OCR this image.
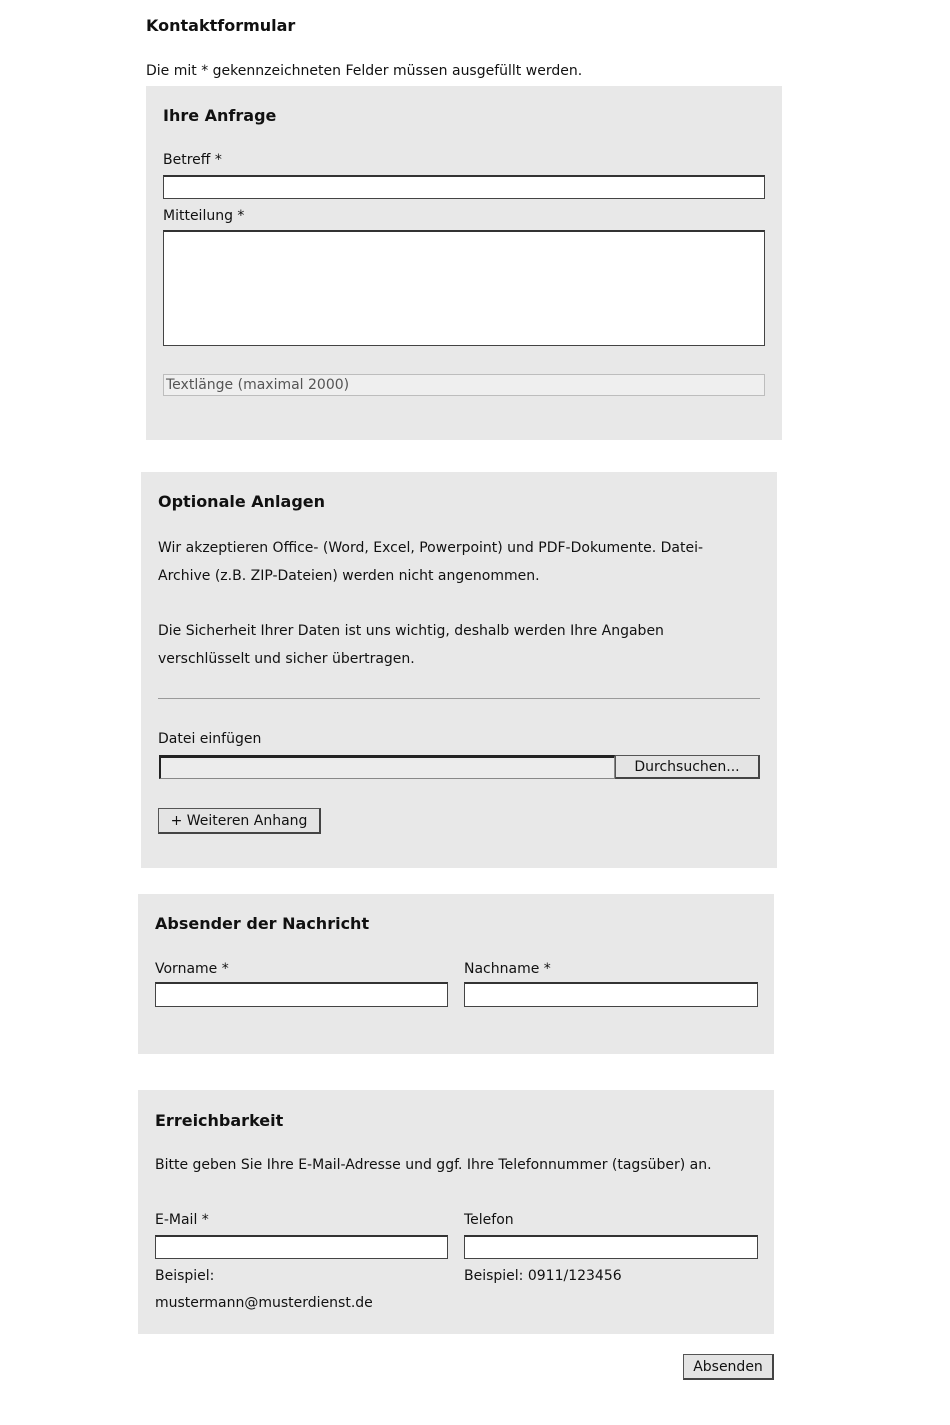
Kontaktformular
Die mit * gekennzeichneten Felder müssen ausgefüllt werden.
Ihre Anfrage
Betreff *
Mitteilung *
Textlänge (maximal 2000)
Optionale Anlagen
Wir akzeptieren Office- (Word, Excel, Powerpoint) und PDF-Dokumente. Datei-Archive (z.B. ZIP-Dateien) werden nicht angenommen.
Die Sicherheit Ihrer Daten ist uns wichtig, deshalb werden Ihre Angaben verschlüsselt und sicher übertragen.
Datei einfügen
Durchsuchen...
+ Weiteren Anhang
Absender der Nachricht
Vorname *	Nachname *
Erreichbarkeit
Bitte geben Sie Ihre E-Mail-Adresse und ggf. Ihre Telefonnummer (tagsüber) an.
E-Mail *
Beispiel:
mustermann@musterdienst.de
Telefon
Beispiel: 0911/123456
Absenden
